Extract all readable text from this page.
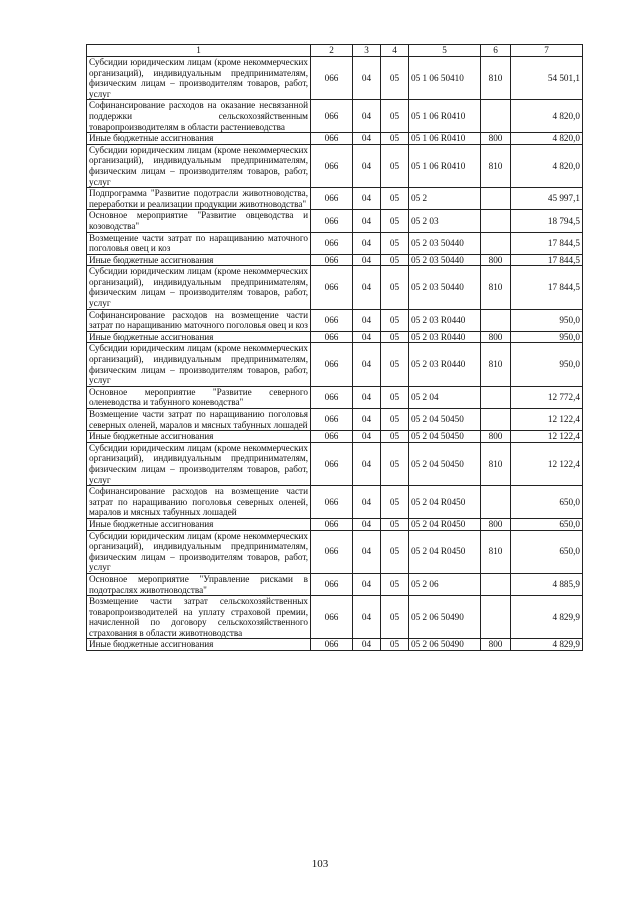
1	2	3	4	5	6	7
Субсидии юридическим лицам (кроме некоммерческих организаций), индивидуальным предпринимателям, физическим лицам – производителям товаров, работ, услуг	066	04	05	05 1 06 50410	810	54 501,1
Софинансирование расходов на оказание несвязанной поддержки сельскохозяйственным товаропроизводителям в области растениеводства	066	04	05	05 1 06 R0410		4 820,0
Иные бюджетные ассигнования	066	04	05	05 1 06 R0410	800	4 820,0
Субсидии юридическим лицам (кроме некоммерческих организаций), индивидуальным предпринимателям, физическим лицам – производителям товаров, работ, услуг	066	04	05	05 1 06 R0410	810	4 820,0
Подпрограмма "Развитие подотрасли животноводства, переработки и реализации продукции животноводства"	066	04	05	05 2		45 997,1
Основное мероприятие "Развитие овцеводства и козоводства"	066	04	05	05 2 03		18 794,5
Возмещение части затрат по наращиванию маточного поголовья овец и коз	066	04	05	05 2 03 50440		17 844,5
Иные бюджетные ассигнования	066	04	05	05 2 03 50440	800	17 844,5
Субсидии юридическим лицам (кроме некоммерческих организаций), индивидуальным предпринимателям, физическим лицам – производителям товаров, работ, услуг	066	04	05	05 2 03 50440	810	17 844,5
Софинансирование расходов на возмещение части затрат по наращиванию маточного поголовья овец и коз	066	04	05	05 2 03 R0440		950,0
Иные бюджетные ассигнования	066	04	05	05 2 03 R0440	800	950,0
Субсидии юридическим лицам (кроме некоммерческих организаций), индивидуальным предпринимателям, физическим лицам – производителям товаров, работ, услуг	066	04	05	05 2 03 R0440	810	950,0
Основное мероприятие "Развитие северного оленеводства и табунного коневодства"	066	04	05	05 2 04		12 772,4
Возмещение части затрат по наращиванию поголовья северных оленей, маралов и мясных табунных лошадей	066	04	05	05 2 04 50450		12 122,4
Иные бюджетные ассигнования	066	04	05	05 2 04 50450	800	12 122,4
Субсидии юридическим лицам (кроме некоммерческих организаций), индивидуальным предпринимателям, физическим лицам – производителям товаров, работ, услуг	066	04	05	05 2 04 50450	810	12 122,4
Софинансирование расходов на возмещение части затрат по наращиванию поголовья северных оленей, маралов и мясных табунных лошадей	066	04	05	05 2 04 R0450		650,0
Иные бюджетные ассигнования	066	04	05	05 2 04 R0450	800	650,0
Субсидии юридическим лицам (кроме некоммерческих организаций), индивидуальным предпринимателям, физическим лицам – производителям товаров, работ, услуг	066	04	05	05 2 04 R0450	810	650,0
Основное мероприятие "Управление рисками в подотраслях животноводства"	066	04	05	05 2 06		4 885,9
Возмещение части затрат сельскохозяйственных товаропроизводителей на уплату страховой премии, начисленной по договору сельскохозяйственного страхования в области животноводства	066	04	05	05 2 06 50490		4 829,9
Иные бюджетные ассигнования	066	04	05	05 2 06 50490	800	4 829,9
103
